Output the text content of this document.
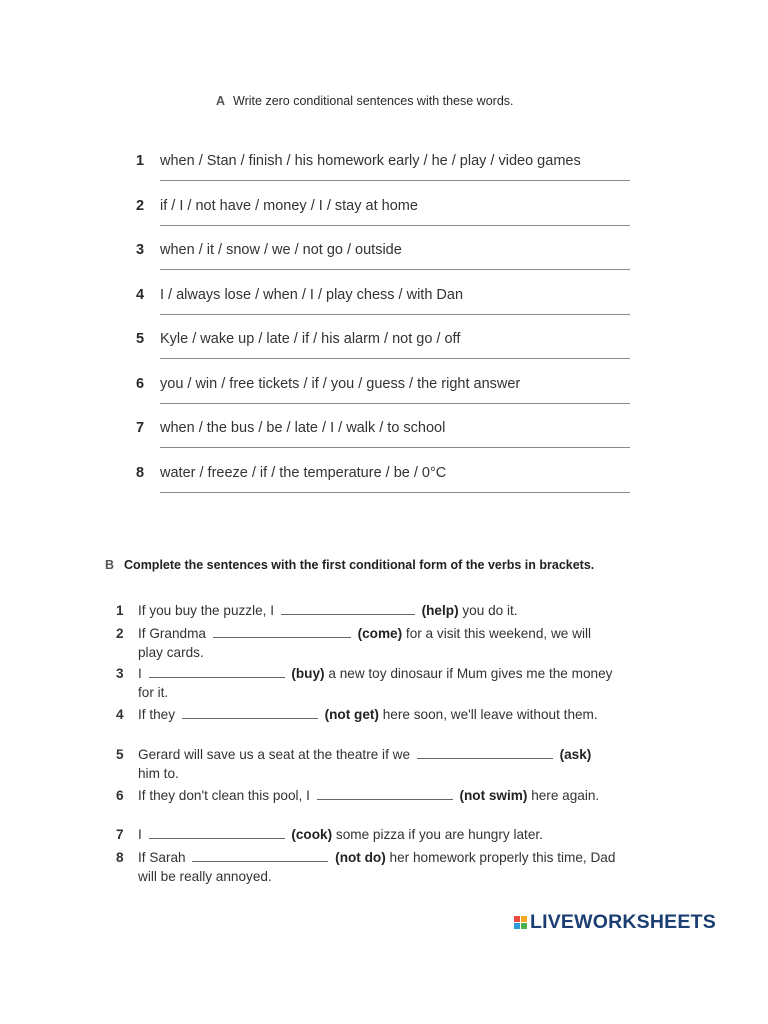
A Write zero conditional sentences with these words.
1 when / Stan / finish / his homework early / he / play / video games
2 if / I / not have / money / I / stay at home
3 when / it / snow / we / not go / outside
4 I / always lose / when / I / play chess / with Dan
5 Kyle / wake up / late / if / his alarm / not go / off
6 you / win / free tickets / if / you / guess / the right answer
7 when / the bus / be / late / I / walk / to school
8 water / freeze / if / the temperature / be / 0°C
B Complete the sentences with the first conditional form of the verbs in brackets.
1 If you buy the puzzle, I	(help) you do it.
2 If Grandma	(come) for a visit this weekend, we will play cards.
3 I	(buy) a new toy dinosaur if Mum gives me the money for it.
4 If they	(not get) here soon, we'll leave without them.
5 Gerard will save us a seat at the theatre if we	(ask) him to.
6 If they don't clean this pool, I	(not swim) here again.
7 I	(cook) some pizza if you are hungry later.
8 If Sarah	(not do) her homework properly this time, Dad will be really annoyed.
LIVEWORKSHEETS
